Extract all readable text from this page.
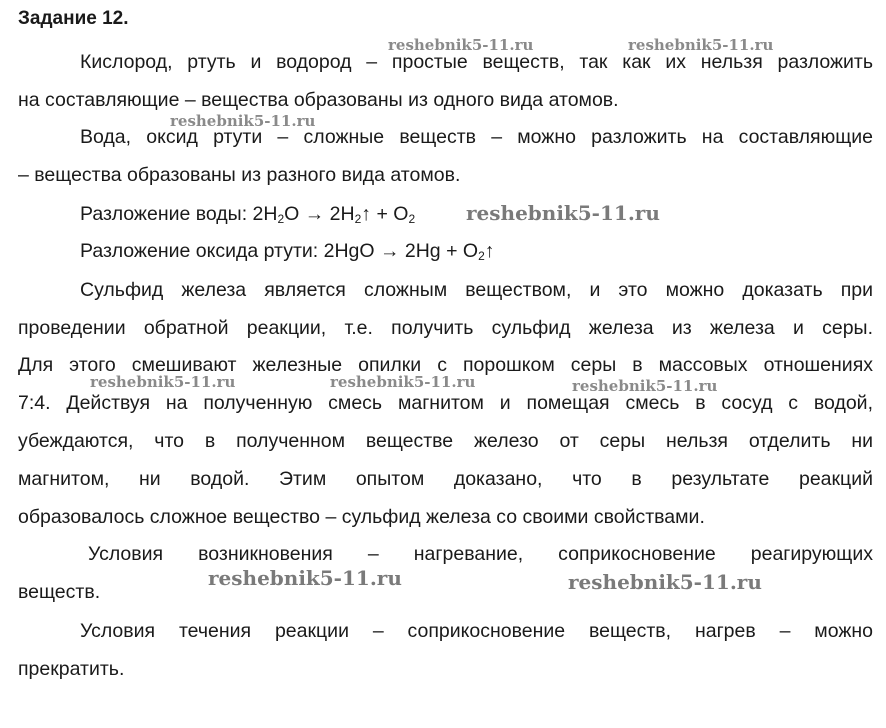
Задание 12.
Кислород, ртуть и водород – простые веществ, так как их нельзя разложить
на составляющие – вещества образованы из одного вида атомов.
Вода, оксид ртути – сложные веществ – можно разложить на составляющие
– вещества образованы из разного вида атомов.
Разложение воды: $2H_2O$ → $2H_2↑ + O_2$
Разложение оксида ртути: $2HgO \to 2Hg + O_2↑$
Сульфид железа является сложным веществом, и это можно доказать при
проведении обратной реакции, т.е. получить сульфид железа из железа и серы.
Для этого смешивают железные опилки с порошком серы в массовых отношениях
7:4. Действуя на полученную смесь магнитом и помещая смесь в сосуд с водой,
убеждаются, что в полученном веществе железо от серы нельзя отделить ни
магнитом, ни водой. Этим опытом доказано, что в результате реакций
образовалось сложное вещество – сульфид железа со своими свойствами.
Условия возникновения – нагревание, соприкосновение реагирующих
веществ.
Условия течения реакции – соприкосновение веществ, нагрев – можно
прекратить.
reshebnik5-11.ru	reshebnik5-11.ru
reshebnik5-11.ru
reshebnik5-11.ru
reshebnik5-11.ru	reshebnik5-11.ru	reshebnik5-11.ru
reshebnik5-11.ru	reshebnik5-11.ru
